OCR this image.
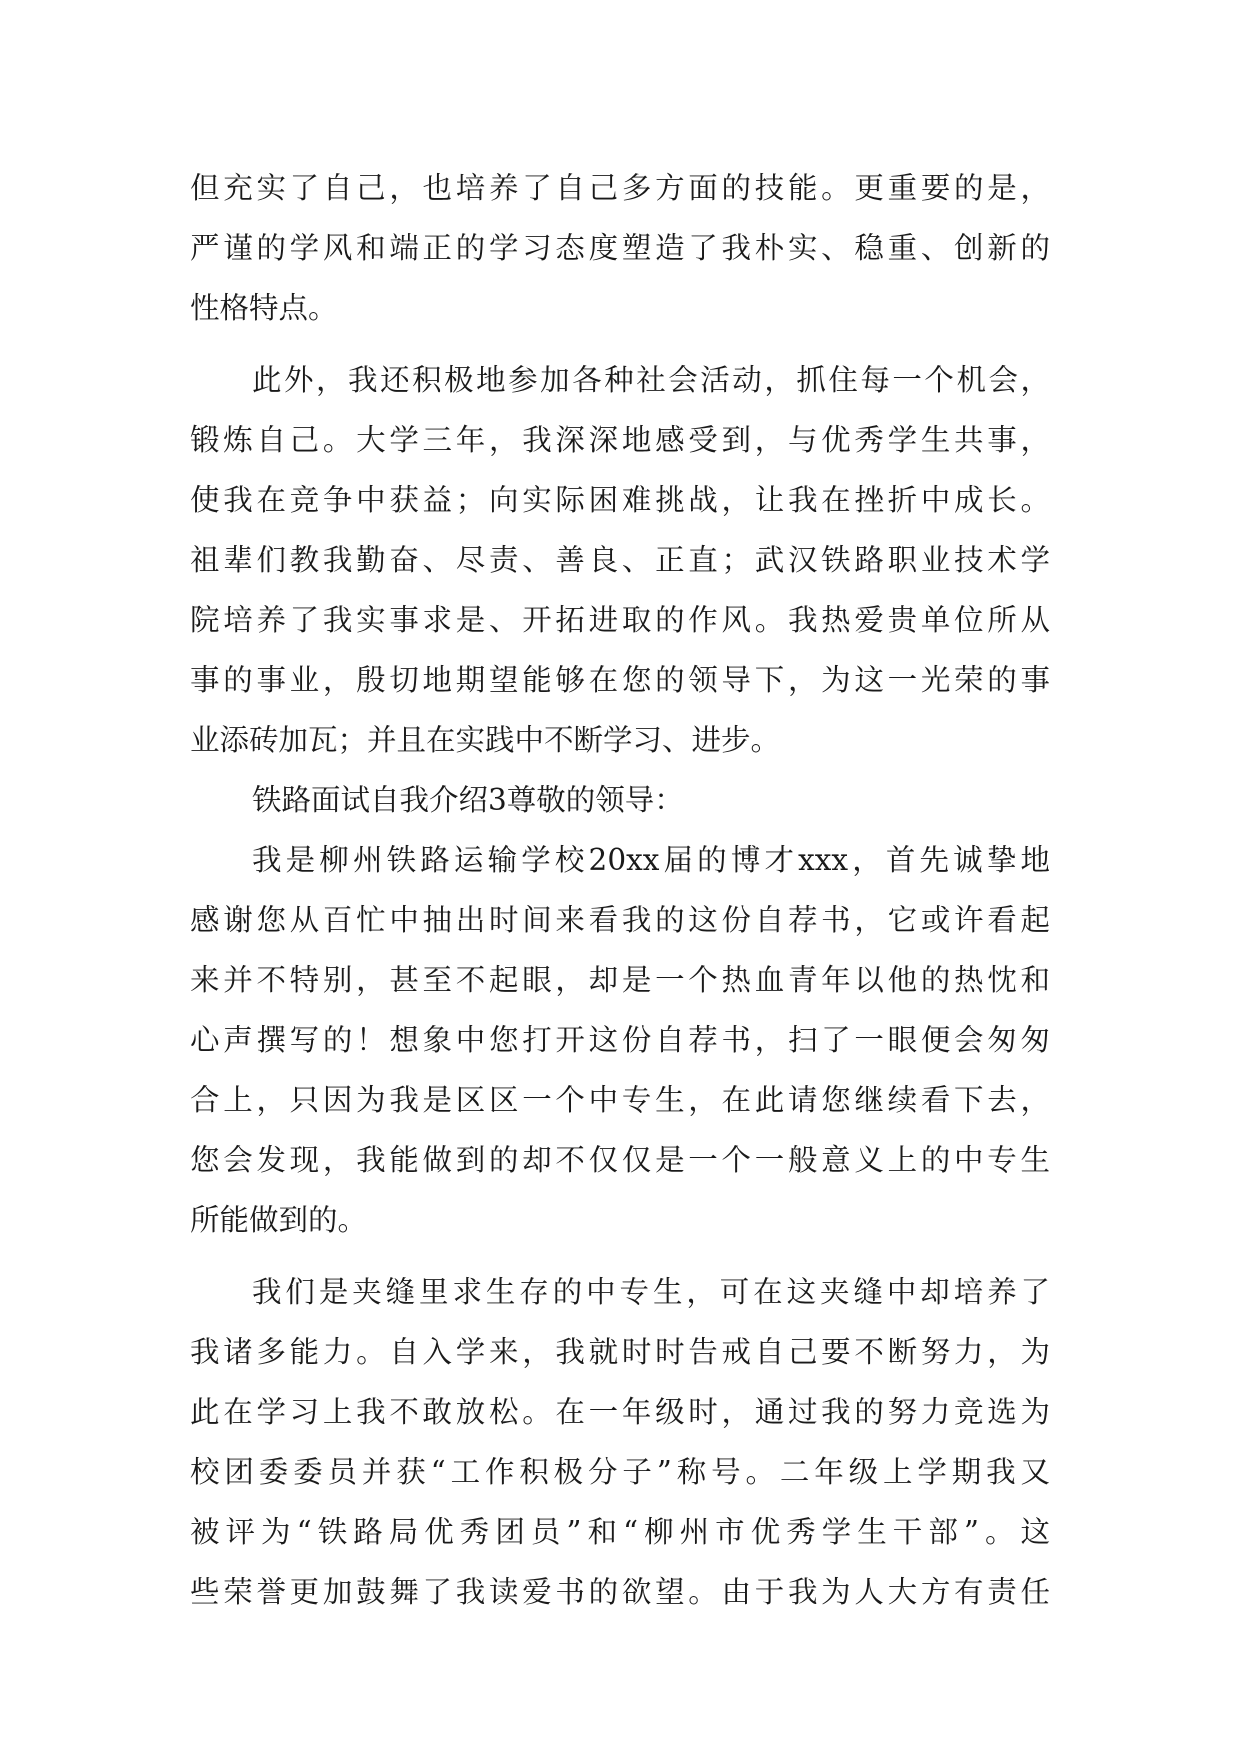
但充实了自己，也培养了自己多方面的技能。更重要的是，
严谨的学风和端正的学习态度塑造了我朴实、稳重、创新的
性格特点。
此外，我还积极地参加各种社会活动，抓住每一个机会，
锻炼自己。大学三年，我深深地感受到，与优秀学生共事，
使我在竞争中获益；向实际困难挑战，让我在挫折中成长。
祖辈们教我勤奋、尽责、善良、正直；武汉铁路职业技术学
院培养了我实事求是、开拓进取的作风。我热爱贵单位所从
事的事业，殷切地期望能够在您的领导下，为这一光荣的事
业添砖加瓦；并且在实践中不断学习、进步。
铁路面试自我介绍3尊敬的领导：
我是柳州铁路运输学校20xx届的博才xxx，首先诚挚地
感谢您从百忙中抽出时间来看我的这份自荐书，它或许看起
来并不特别，甚至不起眼，却是一个热血青年以他的热忱和
心声撰写的！想象中您打开这份自荐书，扫了一眼便会匆匆
合上，只因为我是区区一个中专生，在此请您继续看下去，
您会发现，我能做到的却不仅仅是一个一般意义上的中专生
所能做到的。
我们是夹缝里求生存的中专生，可在这夹缝中却培养了
我诸多能力。自入学来，我就时时告戒自己要不断努力，为
此在学习上我不敢放松。在一年级时，通过我的努力竞选为
校团委委员并获“工作积极分子”称号。二年级上学期我又
被评为“铁路局优秀团员”和“柳州市优秀学生干部”。这
些荣誉更加鼓舞了我读爱书的欲望。由于我为人大方有责任
